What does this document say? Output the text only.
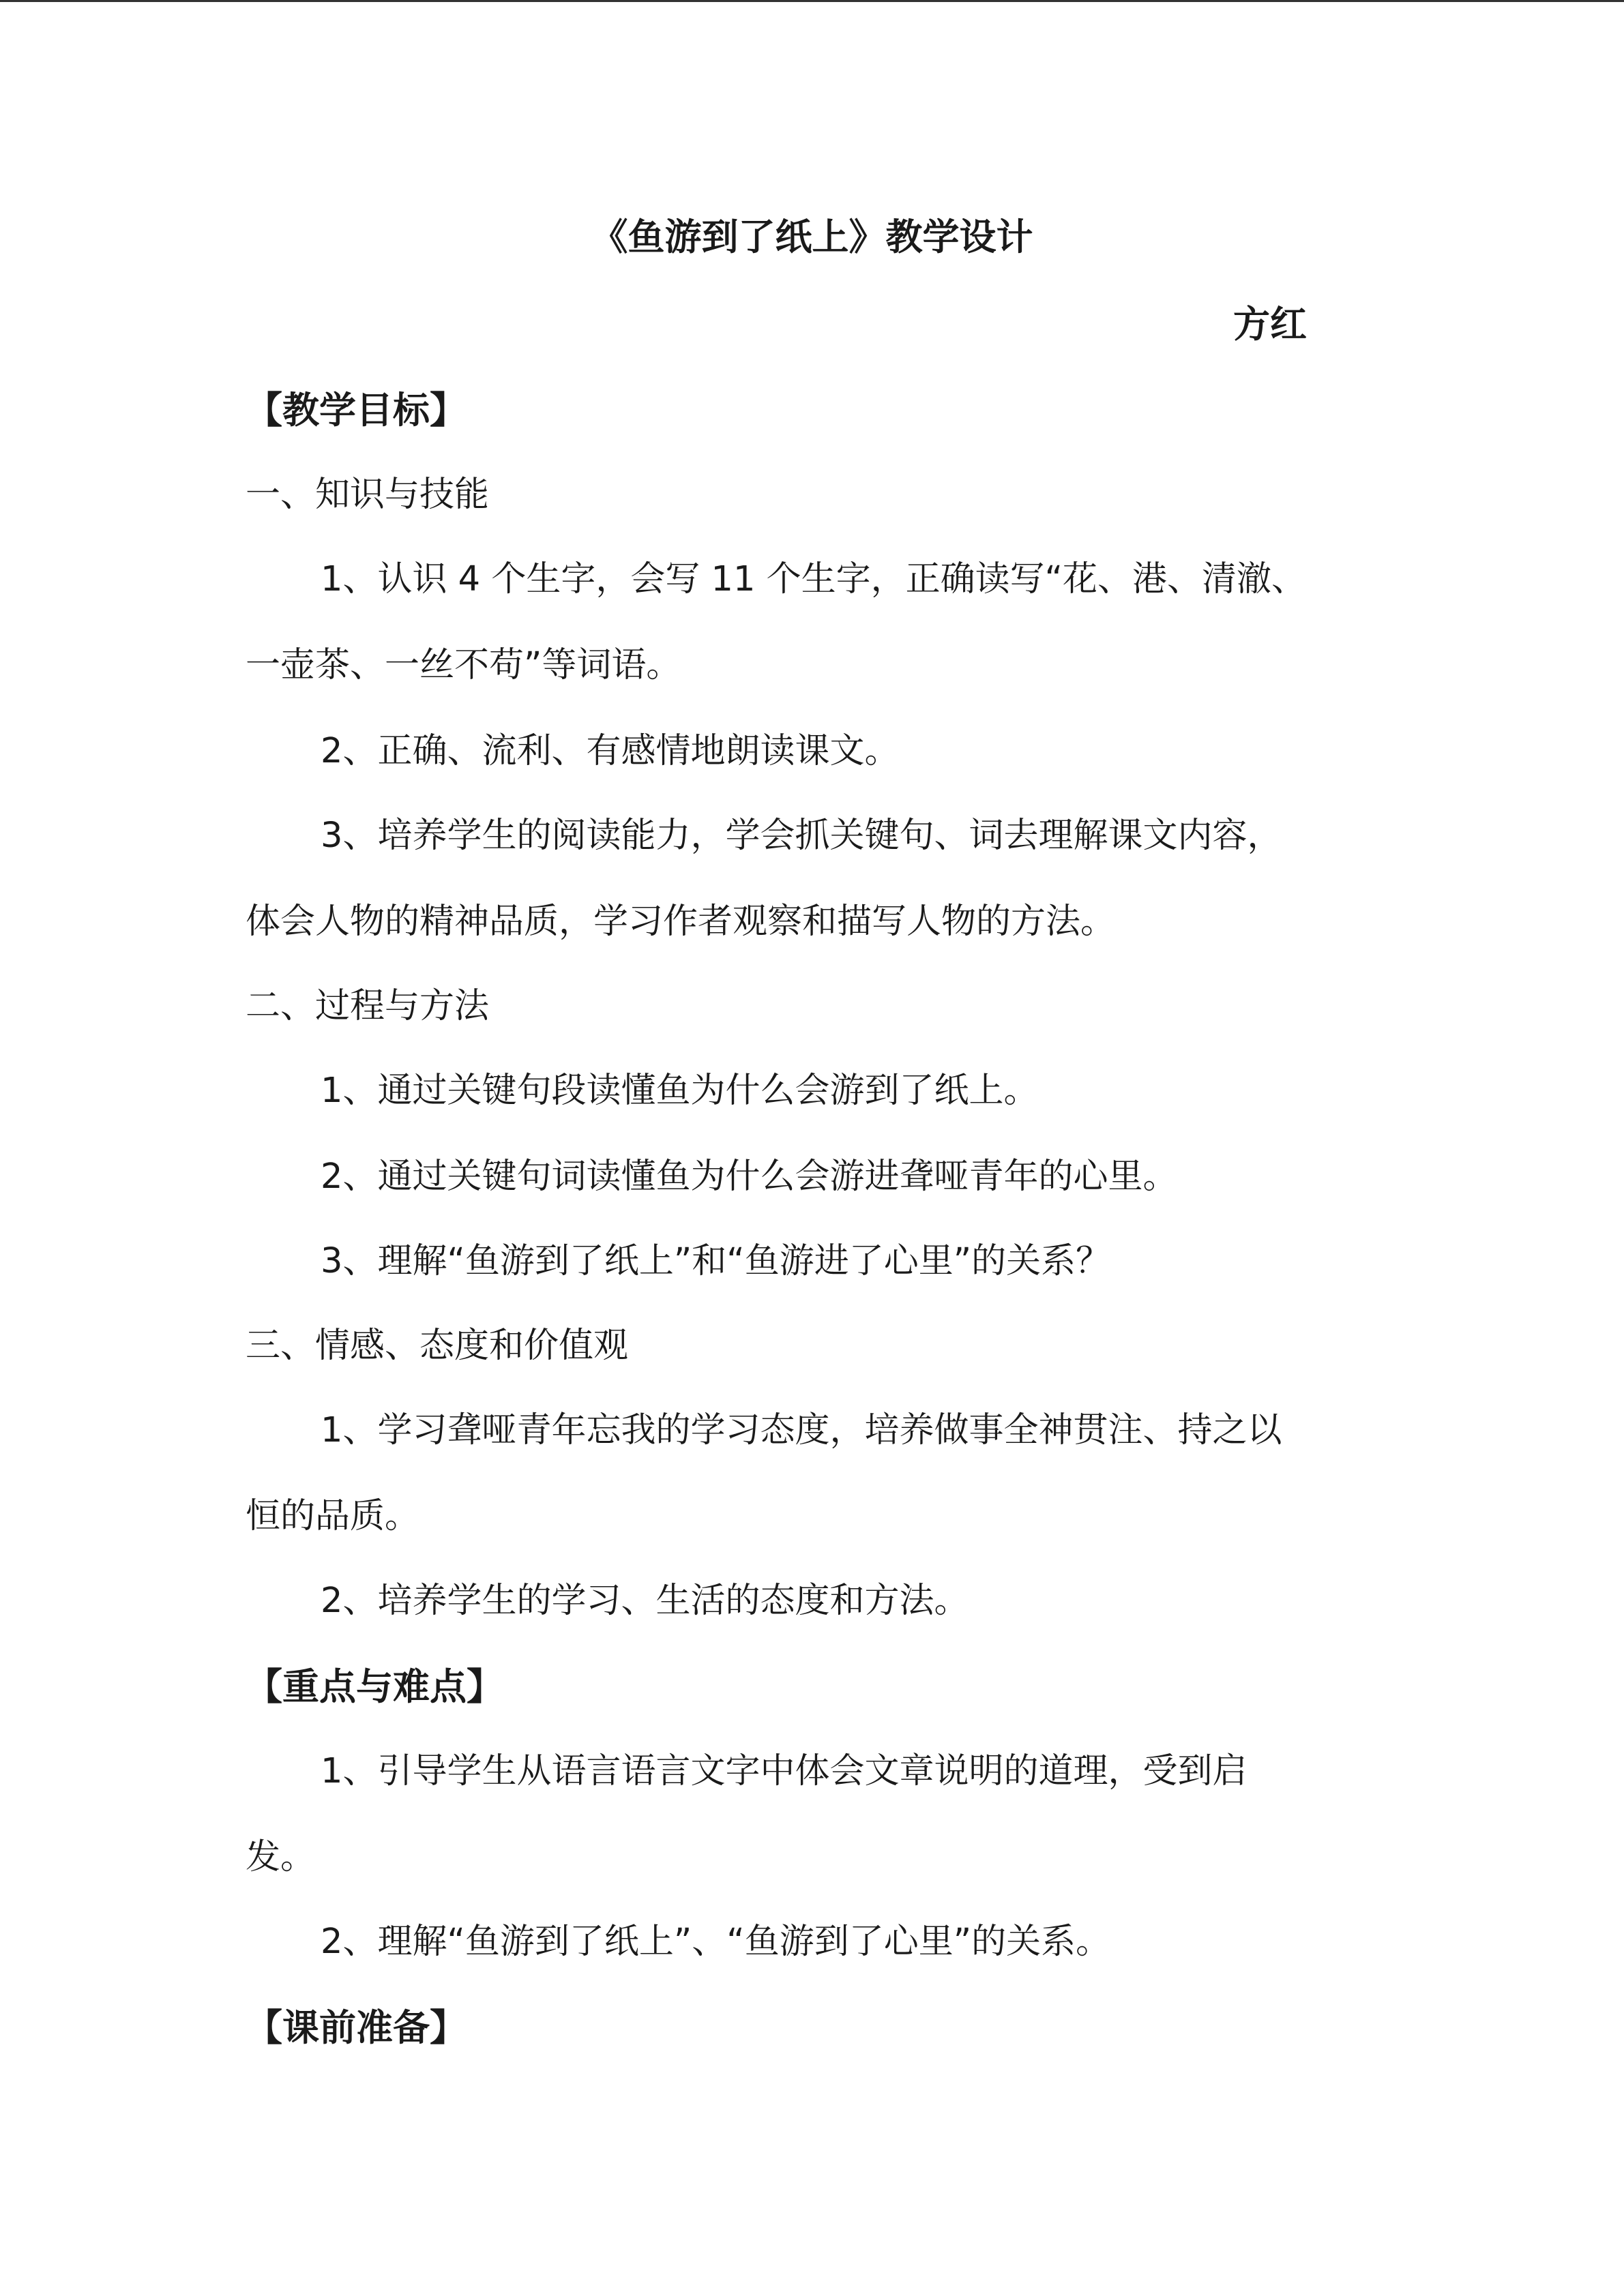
《鱼游到了纸上》教学设计
方红
【教学目标】
一、知识与技能
1、认识 4 个生字，会写 11 个生字，正确读写“花、港、清澈、
一壶茶、一丝不苟”等词语。
2、正确、流利、有感情地朗读课文。
3、培养学生的阅读能力，学会抓关键句、词去理解课文内容，
体会人物的精神品质，学习作者观察和描写人物的方法。
二、过程与方法
1、通过关键句段读懂鱼为什么会游到了纸上。
2、通过关键句词读懂鱼为什么会游进聋哑青年的心里。
3、理解“鱼游到了纸上”和“鱼游进了心里”的关系？
三、情感、态度和价值观
1、学习聋哑青年忘我的学习态度，培养做事全神贯注、持之以
恒的品质。
2、培养学生的学习、生活的态度和方法。
【重点与难点】
1、引导学生从语言语言文字中体会文章说明的道理，受到启
发。
2、理解“鱼游到了纸上”、“鱼游到了心里”的关系。
【课前准备】
